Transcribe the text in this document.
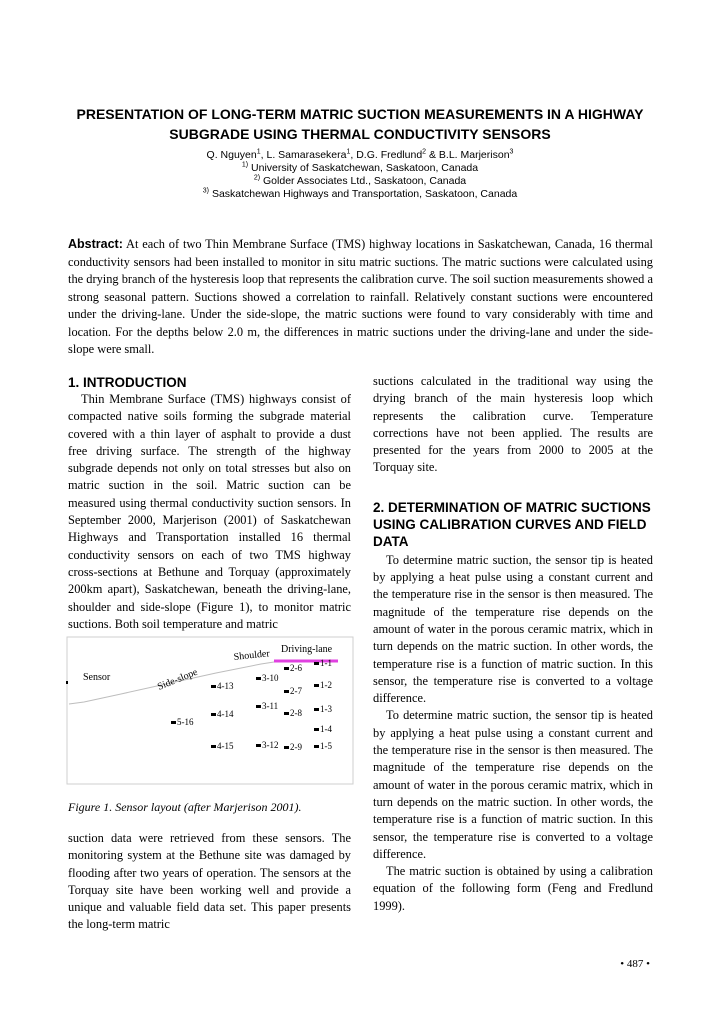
PRESENTATION OF LONG-TERM MATRIC SUCTION MEASUREMENTS IN A HIGHWAY SUBGRADE USING THERMAL CONDUCTIVITY SENSORS
Q. Nguyen$^1$, L. Samarasekera$^1$, D.G. Fredlund$^2$ & B.L. Marjerison$^3$
$^{1)}$ University of Saskatchewan, Saskatoon, Canada
$^{2)}$ Golder Associates Ltd., Saskatoon, Canada
$^{3)}$ Saskatchewan Highways and Transportation, Saskatoon, Canada
Abstract: At each of two Thin Membrane Surface (TMS) highway locations in Saskatchewan, Canada, 16 thermal conductivity sensors had been installed to monitor in situ matric suctions. The matric suctions were calculated using the drying branch of the hysteresis loop that represents the calibration curve. The soil suction measurements showed a strong seasonal pattern. Suctions showed a correlation to rainfall. Relatively constant suctions were encountered under the driving-lane. Under the side-slope, the matric suctions were found to vary considerably with time and location. For the depths below 2.0 m, the differences in matric suctions under the driving-lane and under the side-slope were small.
1. INTRODUCTION

Thin Membrane Surface (TMS) highways consist of compacted native soils forming the subgrade material covered with a thin layer of asphalt to provide a dust free driving surface. The strength of the highway subgrade depends not only on total stresses but also on matric suction in the soil. Matric suction can be measured using thermal conductivity suction sensors. In September 2000, Marjerison (2001) of Saskatchewan Highways and Transportation installed 16 thermal conductivity sensors on each of two TMS highway cross-sections at Bethune and Torquay (approximately 200km apart), Saskatchewan, beneath the driving-lane, shoulder and side-slope (Figure 1), to monitor matric suctions. Both soil temperature and matric

Shoulder Driving-lane
Side-slope
Sensor
1-1
2-6
3-10
4-13	1-2
2-7
3-11	1-3
4-14	2-8
5-16
1-4
4-15	3-12 2-9 1-5
Figure 1. Sensor layout (after Marjerison 2001).

suction data were retrieved from these sensors. The monitoring system at the Bethune site was damaged by flooding after two years of operation. The sensors at the Torquay site have been working well and provide a unique and valuable field data set. This paper presents the long-term matric

suctions calculated in the traditional way using the drying branch of the main hysteresis loop which represents the calibration curve. Temperature corrections have not been applied. The results are presented for the years from 2000 to 2005 at the Torquay site.

2. DETERMINATION OF MATRIC SUCTIONS USING CALIBRATION CURVES AND FIELD DATA

To determine matric suction, the sensor tip is heated by applying a heat pulse using a constant current and the temperature rise in the sensor is then measured. The magnitude of the temperature rise depends on the amount of water in the porous ceramic matrix, which in turn depends on the matric suction. In other words, the temperature rise is a function of matric suction. In this sensor, the temperature rise is converted to a voltage difference.

To determine matric suction, the sensor tip is heated by applying a heat pulse using a constant current and the temperature rise in the sensor is then measured. The magnitude of the temperature rise depends on the amount of water in the porous ceramic matrix, which in turn depends on the matric suction. In other words, the temperature rise is a function of matric suction. In this sensor, the temperature rise is converted to a voltage difference.

The matric suction is obtained by using a calibration equation of the following form (Feng and Fredlund 1999).

• 487 •
